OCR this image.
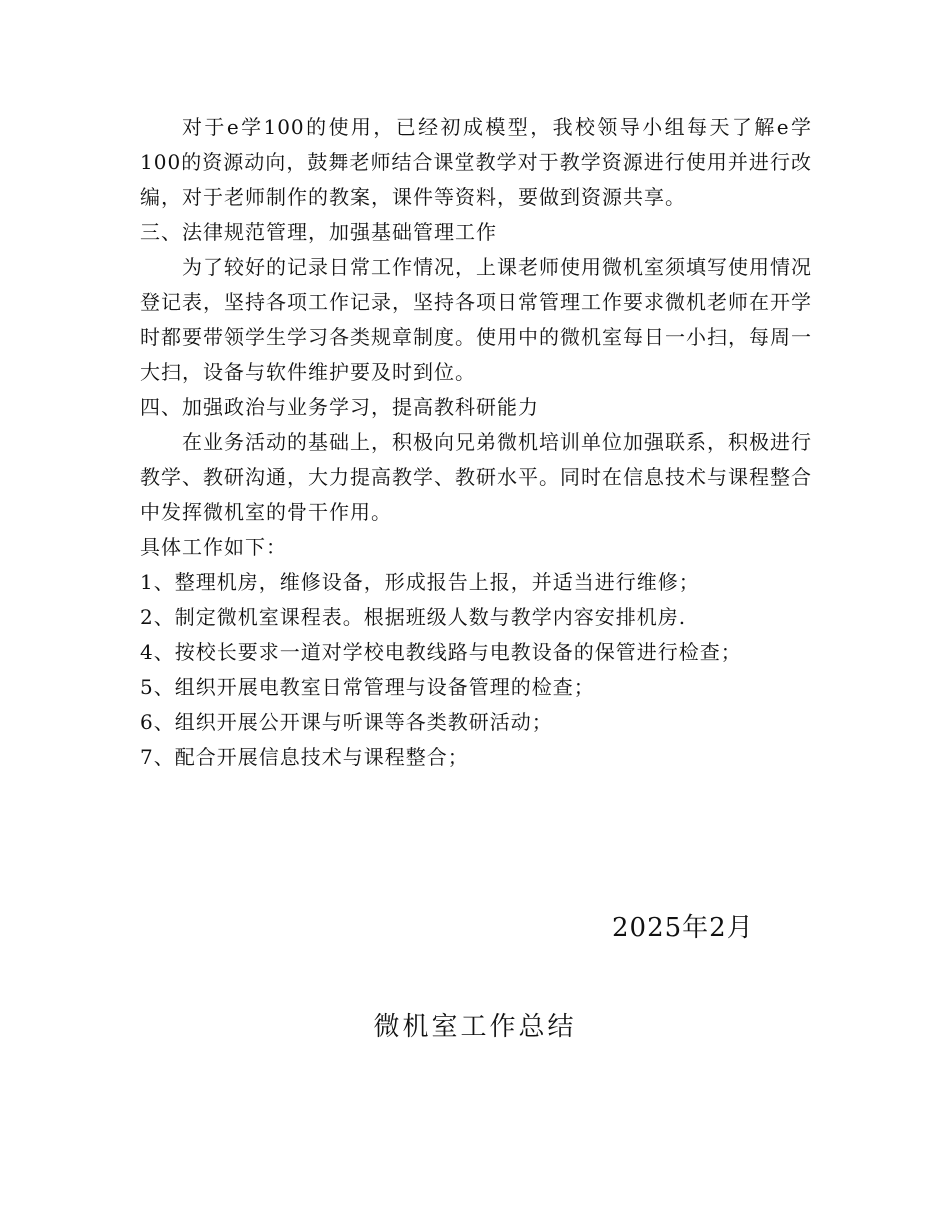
对于e学100的使用，已经初成模型，我校领导小组每天了解e学100的资源动向，鼓舞老师结合课堂教学对于教学资源进行使用并进行改编，对于老师制作的教案，课件等资料，要做到资源共享。

三、法律规范管理，加强基础管理工作

为了较好的记录日常工作情况，上课老师使用微机室须填写使用情况登记表，坚持各项工作记录，坚持各项日常管理工作要求微机老师在开学时都要带领学生学习各类规章制度。使用中的微机室每日一小扫，每周一大扫，设备与软件维护要及时到位。

四、加强政治与业务学习，提高教科研能力

在业务活动的基础上，积极向兄弟微机培训单位加强联系，积极进行教学、教研沟通，大力提高教学、教研水平。同时在信息技术与课程整合中发挥微机室的骨干作用。

具体工作如下：

1、整理机房，维修设备，形成报告上报，并适当进行维修；
2、制定微机室课程表。根据班级人数与教学内容安排机房.
4、按校长要求一道对学校电教线路与电教设备的保管进行检查；
5、组织开展电教室日常管理与设备管理的检查；
6、组织开展公开课与听课等各类教研活动；
7、配合开展信息技术与课程整合；
2025年2月
微机室工作总结
